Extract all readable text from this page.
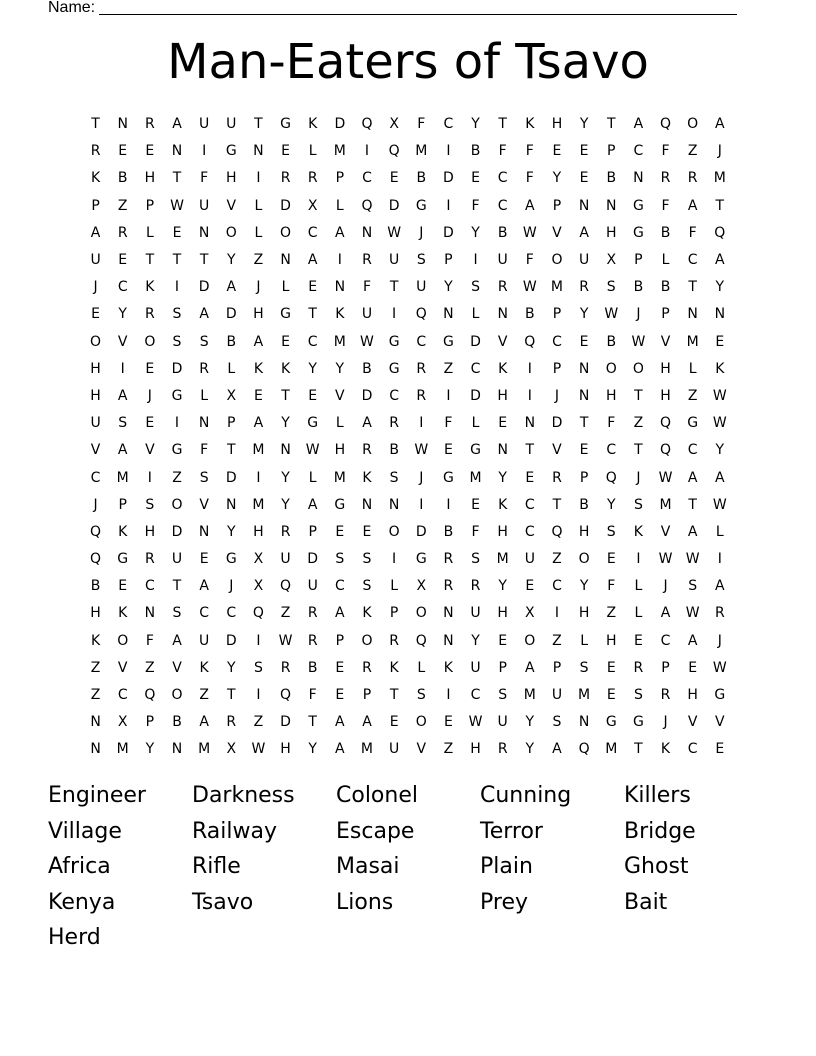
Name:
Man-Eaters of Tsavo
T	N	R	A	U	U	T	G	K	D	Q	X	F	C	Y	T	K	H	Y	T	A	Q	O	A
R	E	E	N	I	G	N	E	L	M	I	Q	M	I	B	F	F	E	E	P	C	F	Z	J
K	B	H	T	F	H	I	R	R	P	C	E	B	D	E	C	F	Y	E	B	N	R	R	M
P	Z	P	W	U	V	L	D	X	L	Q	D	G	I	F	C	A	P	N	N	G	F	A	T
A	R	L	E	N	O	L	O	C	A	N	W	J	D	Y	B	W	V	A	H	G	B	F	Q
U	E	T	T	T	Y	Z	N	A	I	R	U	S	P	I	U	F	O	U	X	P	L	C	A
J	C	K	I	D	A	J	L	E	N	F	T	U	Y	S	R	W	M	R	S	B	B	T	Y
E	Y	R	S	A	D	H	G	T	K	U	I	Q	N	L	N	B	P	Y	W	J	P	N	N
O	V	O	S	S	B	A	E	C	M	W	G	C	G	D	V	Q	C	E	B	W	V	M	E
H	I	E	D	R	L	K	K	Y	Y	B	G	R	Z	C	K	I	P	N	O	O	H	L	K
H	A	J	G	L	X	E	T	E	V	D	C	R	I	D	H	I	J	N	H	T	H	Z	W
U	S	E	I	N	P	A	Y	G	L	A	R	I	F	L	E	N	D	T	F	Z	Q	G	W
V	A	V	G	F	T	M	N	W	H	R	B	W	E	G	N	T	V	E	C	T	Q	C	Y
C	M	I	Z	S	D	I	Y	L	M	K	S	J	G	M	Y	E	R	P	Q	J	W	A	A
J	P	S	O	V	N	M	Y	A	G	N	N	I	I	E	K	C	T	B	Y	S	M	T	W
Q	K	H	D	N	Y	H	R	P	E	E	O	D	B	F	H	C	Q	H	S	K	V	A	L
Q	G	R	U	E	G	X	U	D	S	S	I	G	R	S	M	U	Z	O	E	I	W W	I
B	E	C	T	A	J	X	Q	U	C	S	L	X	R	R	Y	E	C	Y	F	L	J	S	A
H	K	N	S	C	C	Q	Z	R	A	K	P	O	N	U	H	X	I	H	Z	L	A	W	R
K	O	F	A	U	D	I	W	R	P	O	R	Q	N	Y	E	O	Z	L	H	E	C	A	J
Z	V	Z	V	K	Y	S	R	B	E	R	K	L	K	U	P	A	P	S	E	R	P	E	W
Z	C	Q	O	Z	T	I	Q	F	E	P	T	S	I	C	S	M	U	M	E	S	R	H	G
N	X	P	B	A	R	Z	D	T	A	A	E	O	E	W	U	Y	S	N	G	G	J	V	V
N	M	Y	N	M	X	W	H	Y	A	M	U	V	Z	H	R	Y	A	Q	M	T	K	C	E
Engineer	Darkness	Colonel	Cunning	Killers
Village	Railway	Escape	Terror	Bridge
Africa	Rifle	Masai	Plain	Ghost
Kenya	Tsavo	Lions	Prey	Bait
Herd
